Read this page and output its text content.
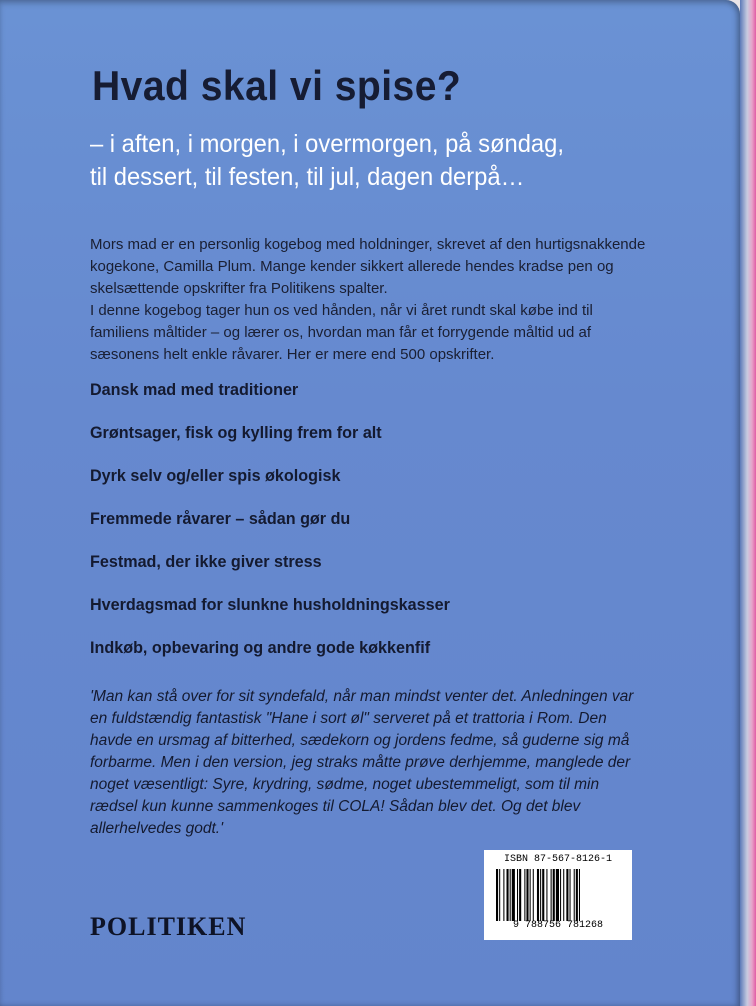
Hvad skal vi spise?
– i aften, i morgen, i overmorgen, på søndag,
til dessert, til festen, til jul, dagen derpå…

Mors mad er en personlig kogebog med holdninger, skrevet af den hurtigsnakkende kogekone, Camilla Plum. Mange kender sikkert allerede hendes kradse pen og skelsættende opskrifter fra Politikens spalter.

I denne kogebog tager hun os ved hånden, når vi året rundt skal købe ind til familiens måltider – og lærer os, hvordan man får et forrygende måltid ud af sæsonens helt enkle råvarer. Her er mere end 500 opskrifter.

Dansk mad med traditioner
Grøntsager, fisk og kylling frem for alt
Dyrk selv og/eller spis økologisk
Fremmede råvarer – sådan gør du
Festmad, der ikke giver stress
Hverdagsmad for slunkne husholdningskasser
Indkøb, opbevaring og andre gode køkkenfif

'Man kan stå over for sit syndefald, når man mindst venter det. Anledningen var en fuldstændig fantastisk "Hane i sort øl" serveret på et trattoria i Rom. Den havde en ursmag af bitterhed, sædekorn og jordens fedme, så guderne sig må forbarme. Men i den version, jeg straks måtte prøve derhjemme, manglede der noget væsentligt: Syre, krydring, sødme, noget ubestemmeligt, som til min rædsel kun kunne sammenkoges til COLA! Sådan blev det. Og det blev allerhelvedes godt.'

POLITIKEN
ISBN 87-567-8126-1
9 788756 781268
